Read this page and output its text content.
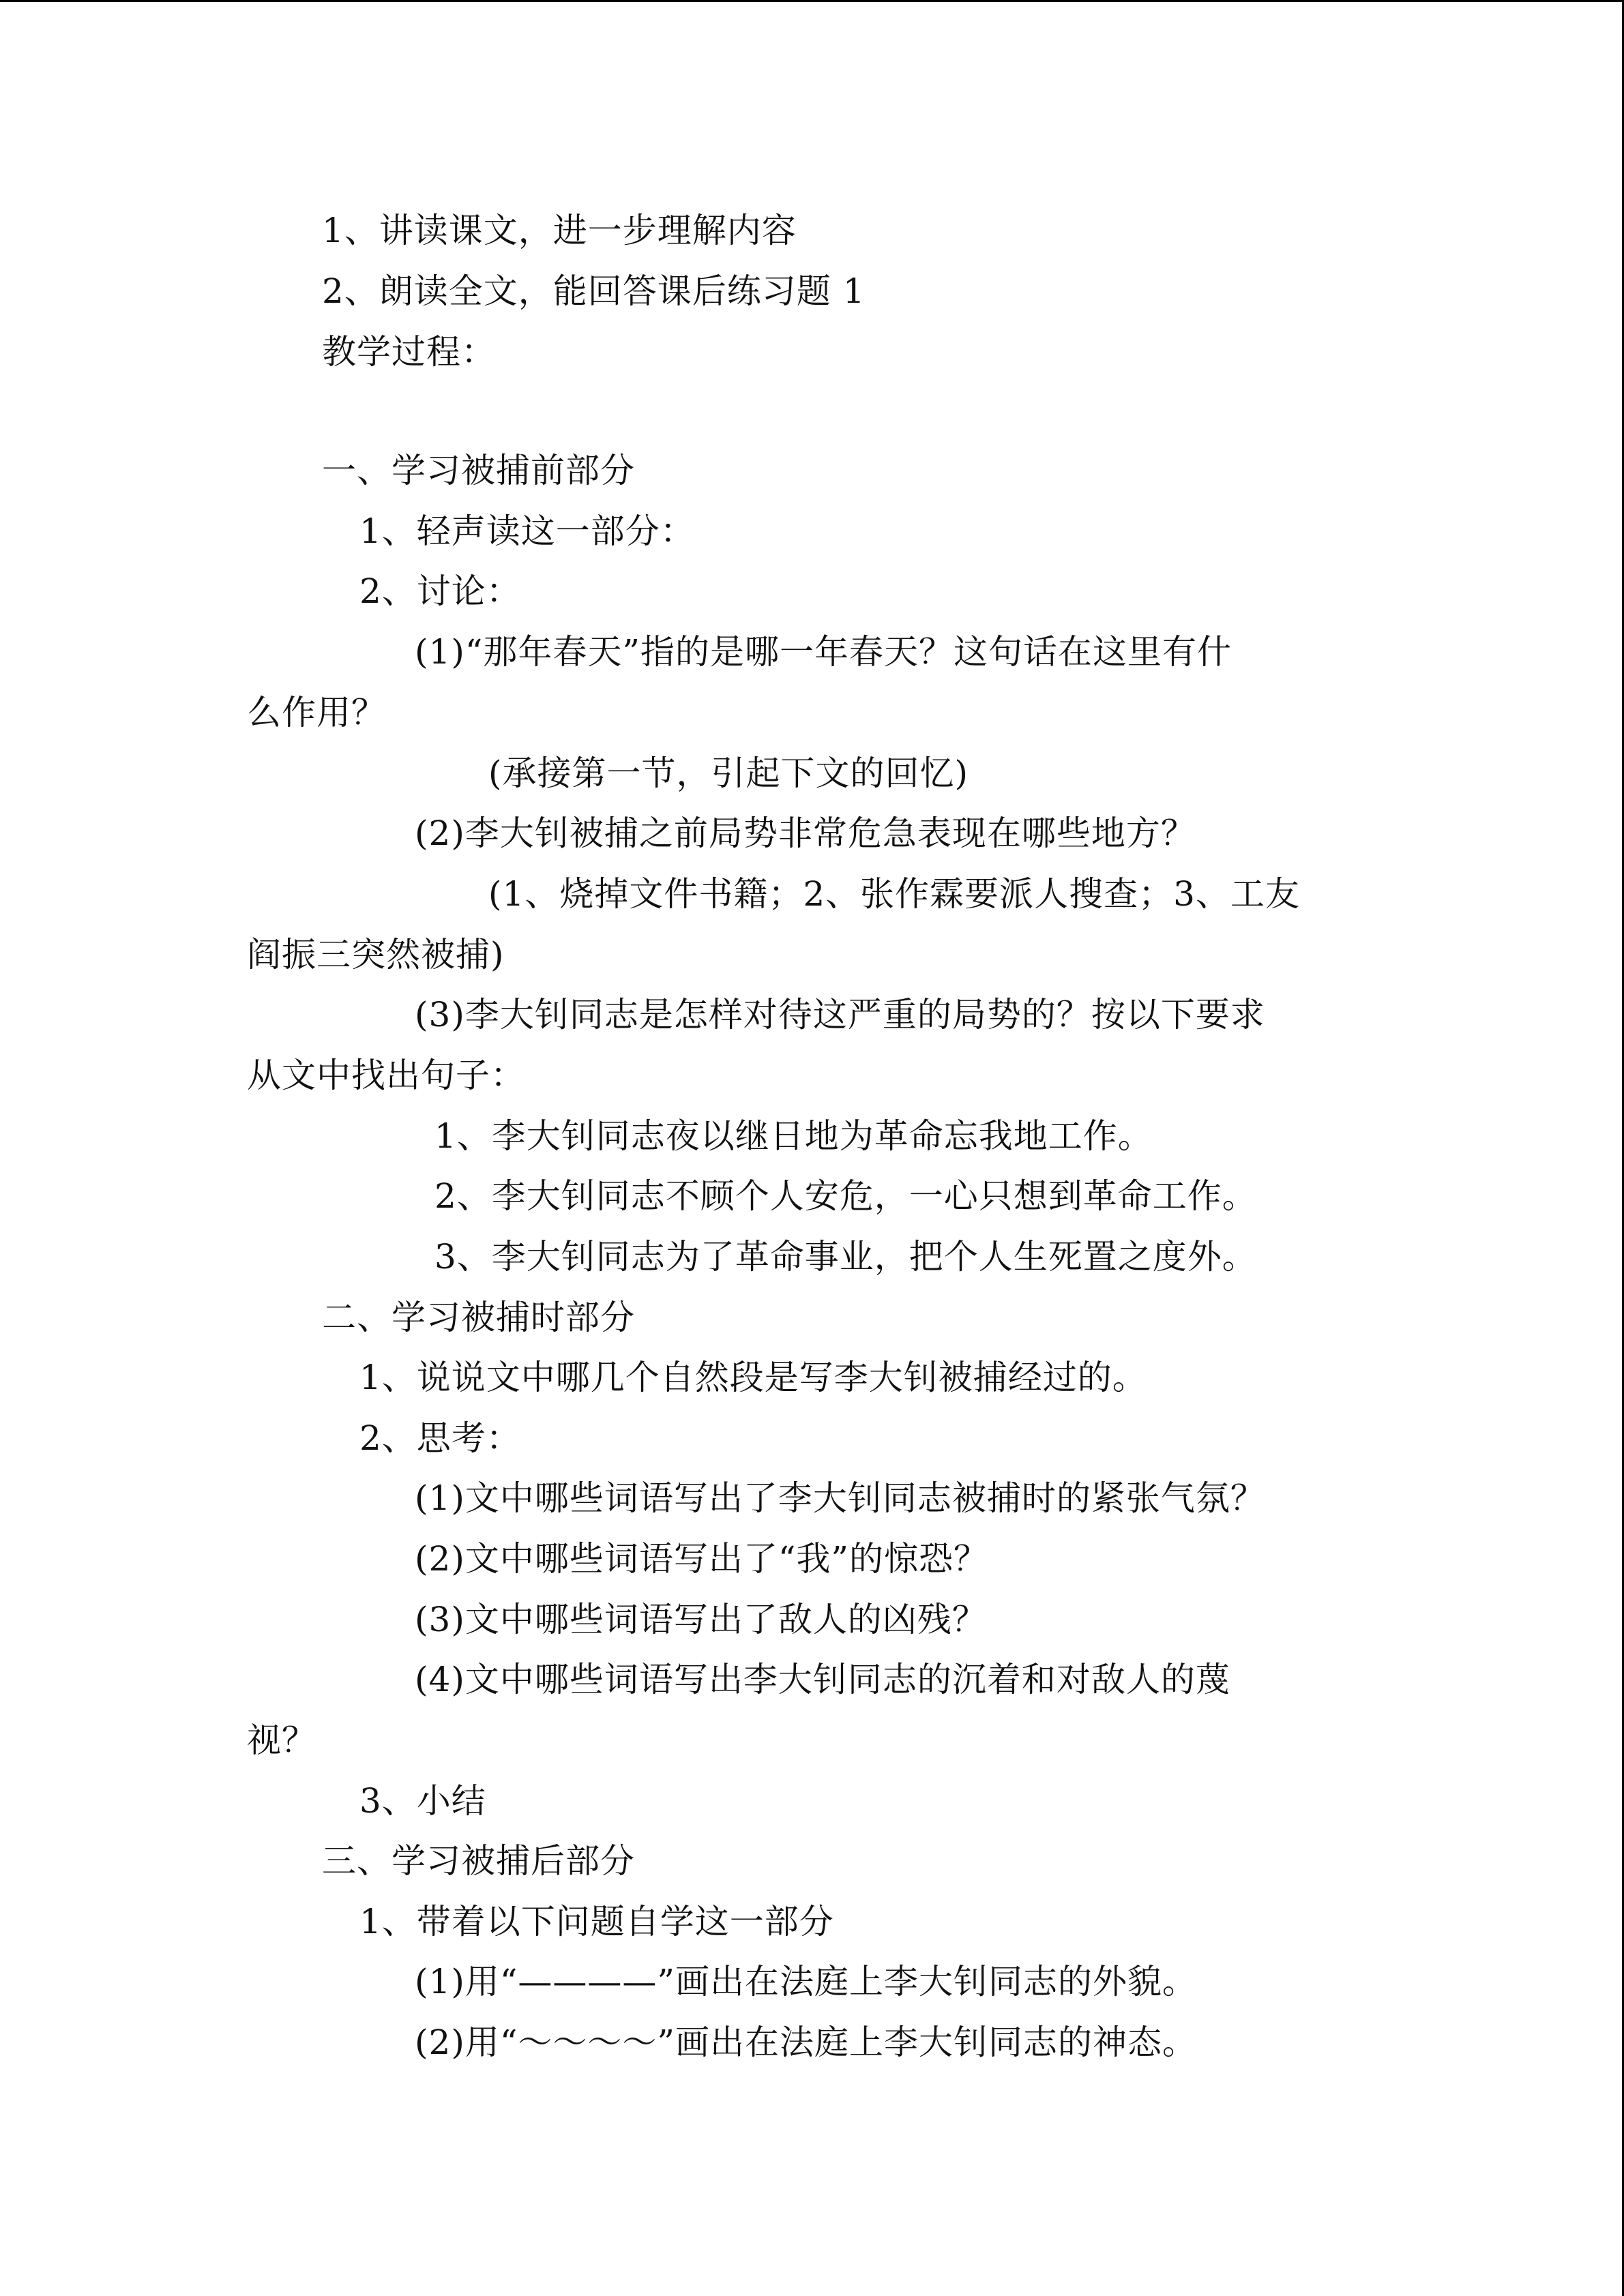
1、讲读课文，进一步理解内容
2、朗读全文，能回答课后练习题 1
教学过程：
一、学习被捕前部分
1、轻声读这一部分：
2、讨论：
(1)“那年春天”指的是哪一年春天？这句话在这里有什
么作用？
(承接第一节，引起下文的回忆)
(2)李大钊被捕之前局势非常危急表现在哪些地方？
(1、烧掉文件书籍；2、张作霖要派人搜查；3、工友
阎振三突然被捕)
(3)李大钊同志是怎样对待这严重的局势的？按以下要求
从文中找出句子：
1、李大钊同志夜以继日地为革命忘我地工作。
2、李大钊同志不顾个人安危，一心只想到革命工作。
3、李大钊同志为了革命事业，把个人生死置之度外。
二、学习被捕时部分
1、说说文中哪几个自然段是写李大钊被捕经过的。
2、思考：
(1)文中哪些词语写出了李大钊同志被捕时的紧张气氛？
(2)文中哪些词语写出了“我”的惊恐？
(3)文中哪些词语写出了敌人的凶残？
(4)文中哪些词语写出李大钊同志的沉着和对敌人的蔑
视？
3、小结
三、学习被捕后部分
1、带着以下问题自学这一部分
(1)用“————”画出在法庭上李大钊同志的外貌。
(2)用“～～～～”画出在法庭上李大钊同志的神态。
